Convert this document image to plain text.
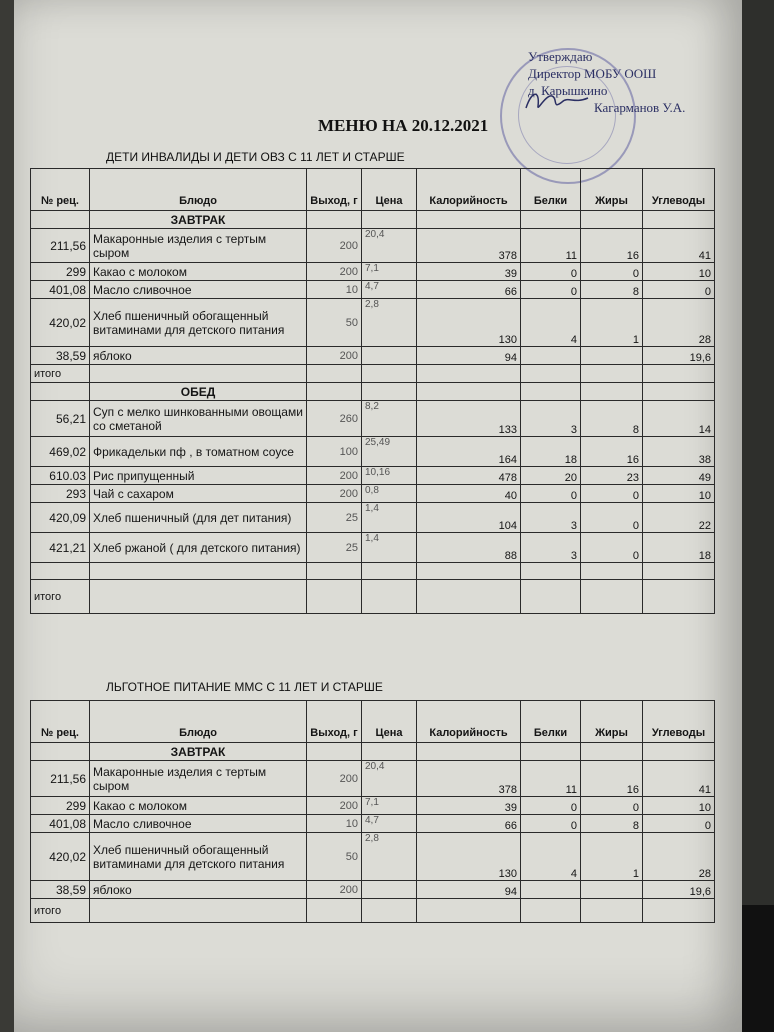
Утверждаю
Директор МОБУ ООШ
д. Карышкино
Кагарманов У.А.
МЕНЮ НА 20.12.2021
ДЕТИ ИНВАЛИДЫ И ДЕТИ ОВЗ С 11 ЛЕТ И СТАРШЕ
№ рец.	Блюдо	Выход, г	Цена	Калорийность	Белки	Жиры	Углеводы
	ЗАВТРАК						
211,56	Макаронные изделия с тертым сыром	200	20,4	378	11	16	41
299	Какао с молоком	200	7,1	39	0	0	10
401,08	Масло сливочное	10	4,7	66	0	8	0
420,02	Хлеб пшеничный обогащенный витаминами для детского питания	50	2,8	130	4	1	28
38,59	яблоко	200		94			19,6
итого							
	ОБЕД						
56,21	Суп с мелко шинкованными овощами со сметаной	260	8,2	133	3	8	14
469,02	Фрикадельки пф , в томатном соусе	100	25,49	164	18	16	38
610.03	Рис припущенный	200	10,16	478	20	23	49
293	Чай с сахаром	200	0,8	40	0	0	10
420,09	Хлеб пшеничный (для дет питания)	25	1,4	104	3	0	22
421,21	Хлеб ржаной ( для детского питания)	25	1,4	88	3	0	18

итого							
ЛЬГОТНОЕ ПИТАНИЕ ММС С 11 ЛЕТ И СТАРШЕ
№ рец.	Блюдо	Выход, г	Цена	Калорийность	Белки	Жиры	Углеводы
	ЗАВТРАК						
211,56	Макаронные изделия с тертым сыром	200	20,4	378	11	16	41
299	Какао с молоком	200	7,1	39	0	0	10
401,08	Масло сливочное	10	4,7	66	0	8	0
420,02	Хлеб пшеничный обогащенный витаминами для детского питания	50	2,8	130	4	1	28
38,59	яблоко	200		94			19,6
итого							
